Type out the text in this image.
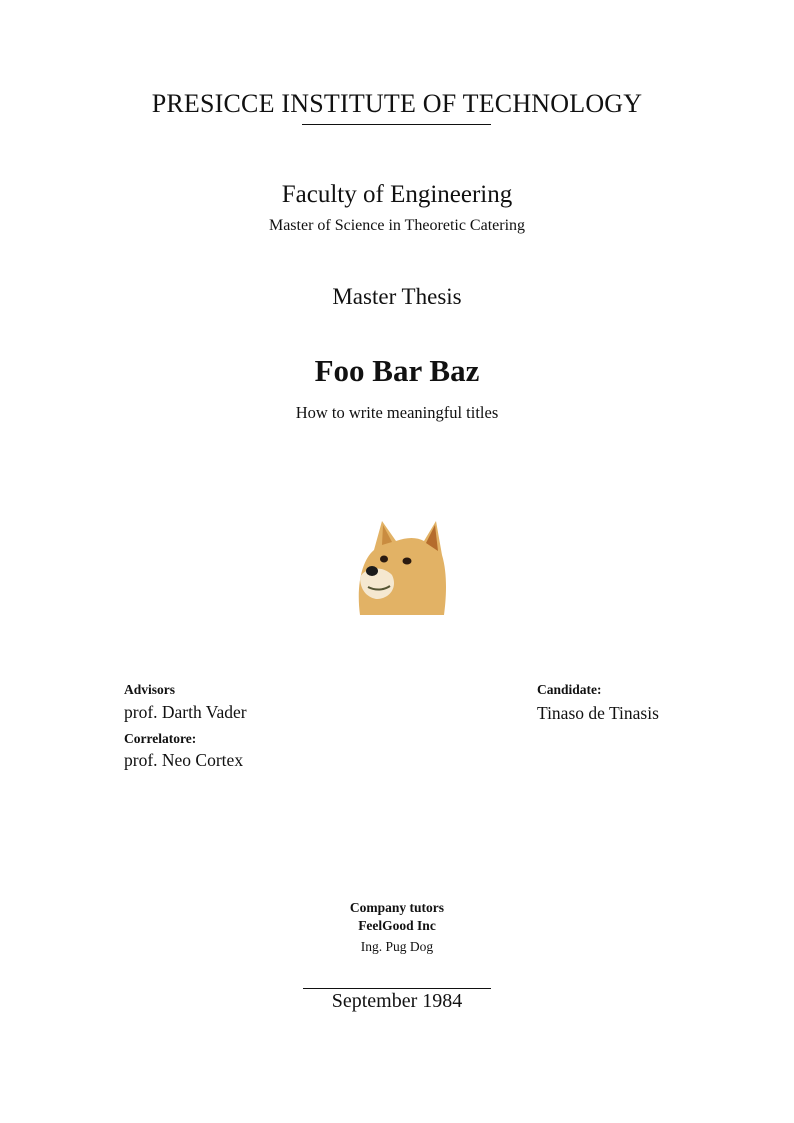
PRESICCE INSTITUTE OF TECHNOLOGY
Faculty of Engineering
Master of Science in Theoretic Catering
Master Thesis
Foo Bar Baz
How to write meaningful titles
Advisors
prof. Darth Vader
Correlatore:
prof. Neo Cortex
Candidate:
Tinaso de Tinasis
Company tutors
FeelGood Inc
Ing. Pug Dog
September 1984
